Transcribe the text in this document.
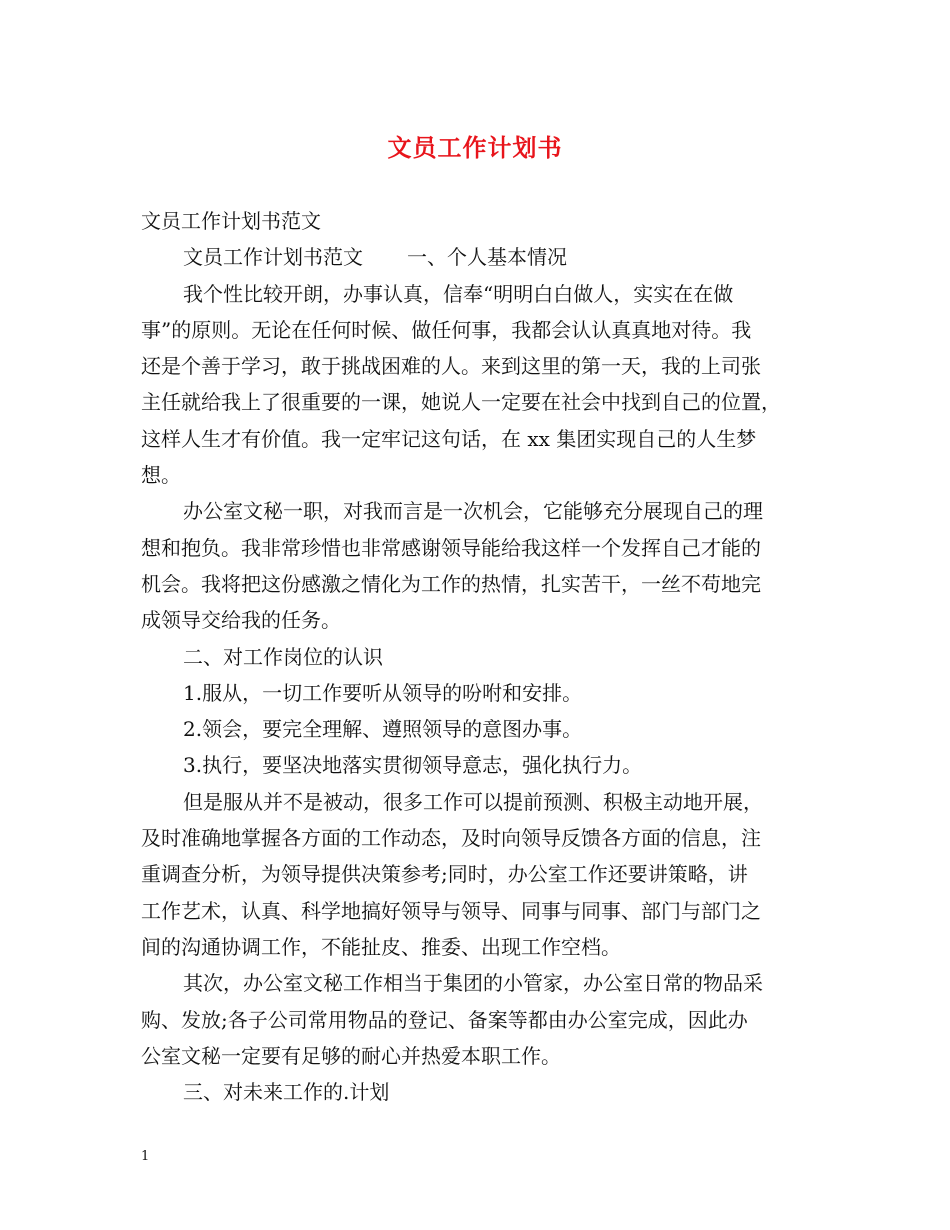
文员工作计划书
文员工作计划书范文
文员工作计划书范文 一、个人基本情况
我个性比较开朗，办事认真，信奉“明明白白做人，实实在在做
事”的原则。无论在任何时候、做任何事，我都会认认真真地对待。我
还是个善于学习，敢于挑战困难的人。来到这里的第一天，我的上司张
主任就给我上了很重要的一课，她说人一定要在社会中找到自己的位置，
这样人生才有价值。我一定牢记这句话，在 xx 集团实现自己的人生梦
想。
办公室文秘一职，对我而言是一次机会，它能够充分展现自己的理
想和抱负。我非常珍惜也非常感谢领导能给我这样一个发挥自己才能的
机会。我将把这份感激之情化为工作的热情，扎实苦干，一丝不苟地完
成领导交给我的任务。
二、对工作岗位的认识
1.服从，一切工作要听从领导的吩咐和安排。
2.领会，要完全理解、遵照领导的意图办事。
3.执行，要坚决地落实贯彻领导意志，强化执行力。
但是服从并不是被动，很多工作可以提前预测、积极主动地开展，
及时准确地掌握各方面的工作动态，及时向领导反馈各方面的信息，注
重调查分析，为领导提供决策参考;同时，办公室工作还要讲策略，讲
工作艺术，认真、科学地搞好领导与领导、同事与同事、部门与部门之
间的沟通协调工作，不能扯皮、推委、出现工作空档。
其次，办公室文秘工作相当于集团的小管家，办公室日常的物品采
购、发放;各子公司常用物品的登记、备案等都由办公室完成，因此办
公室文秘一定要有足够的耐心并热爱本职工作。
三、对未来工作的.计划
1
